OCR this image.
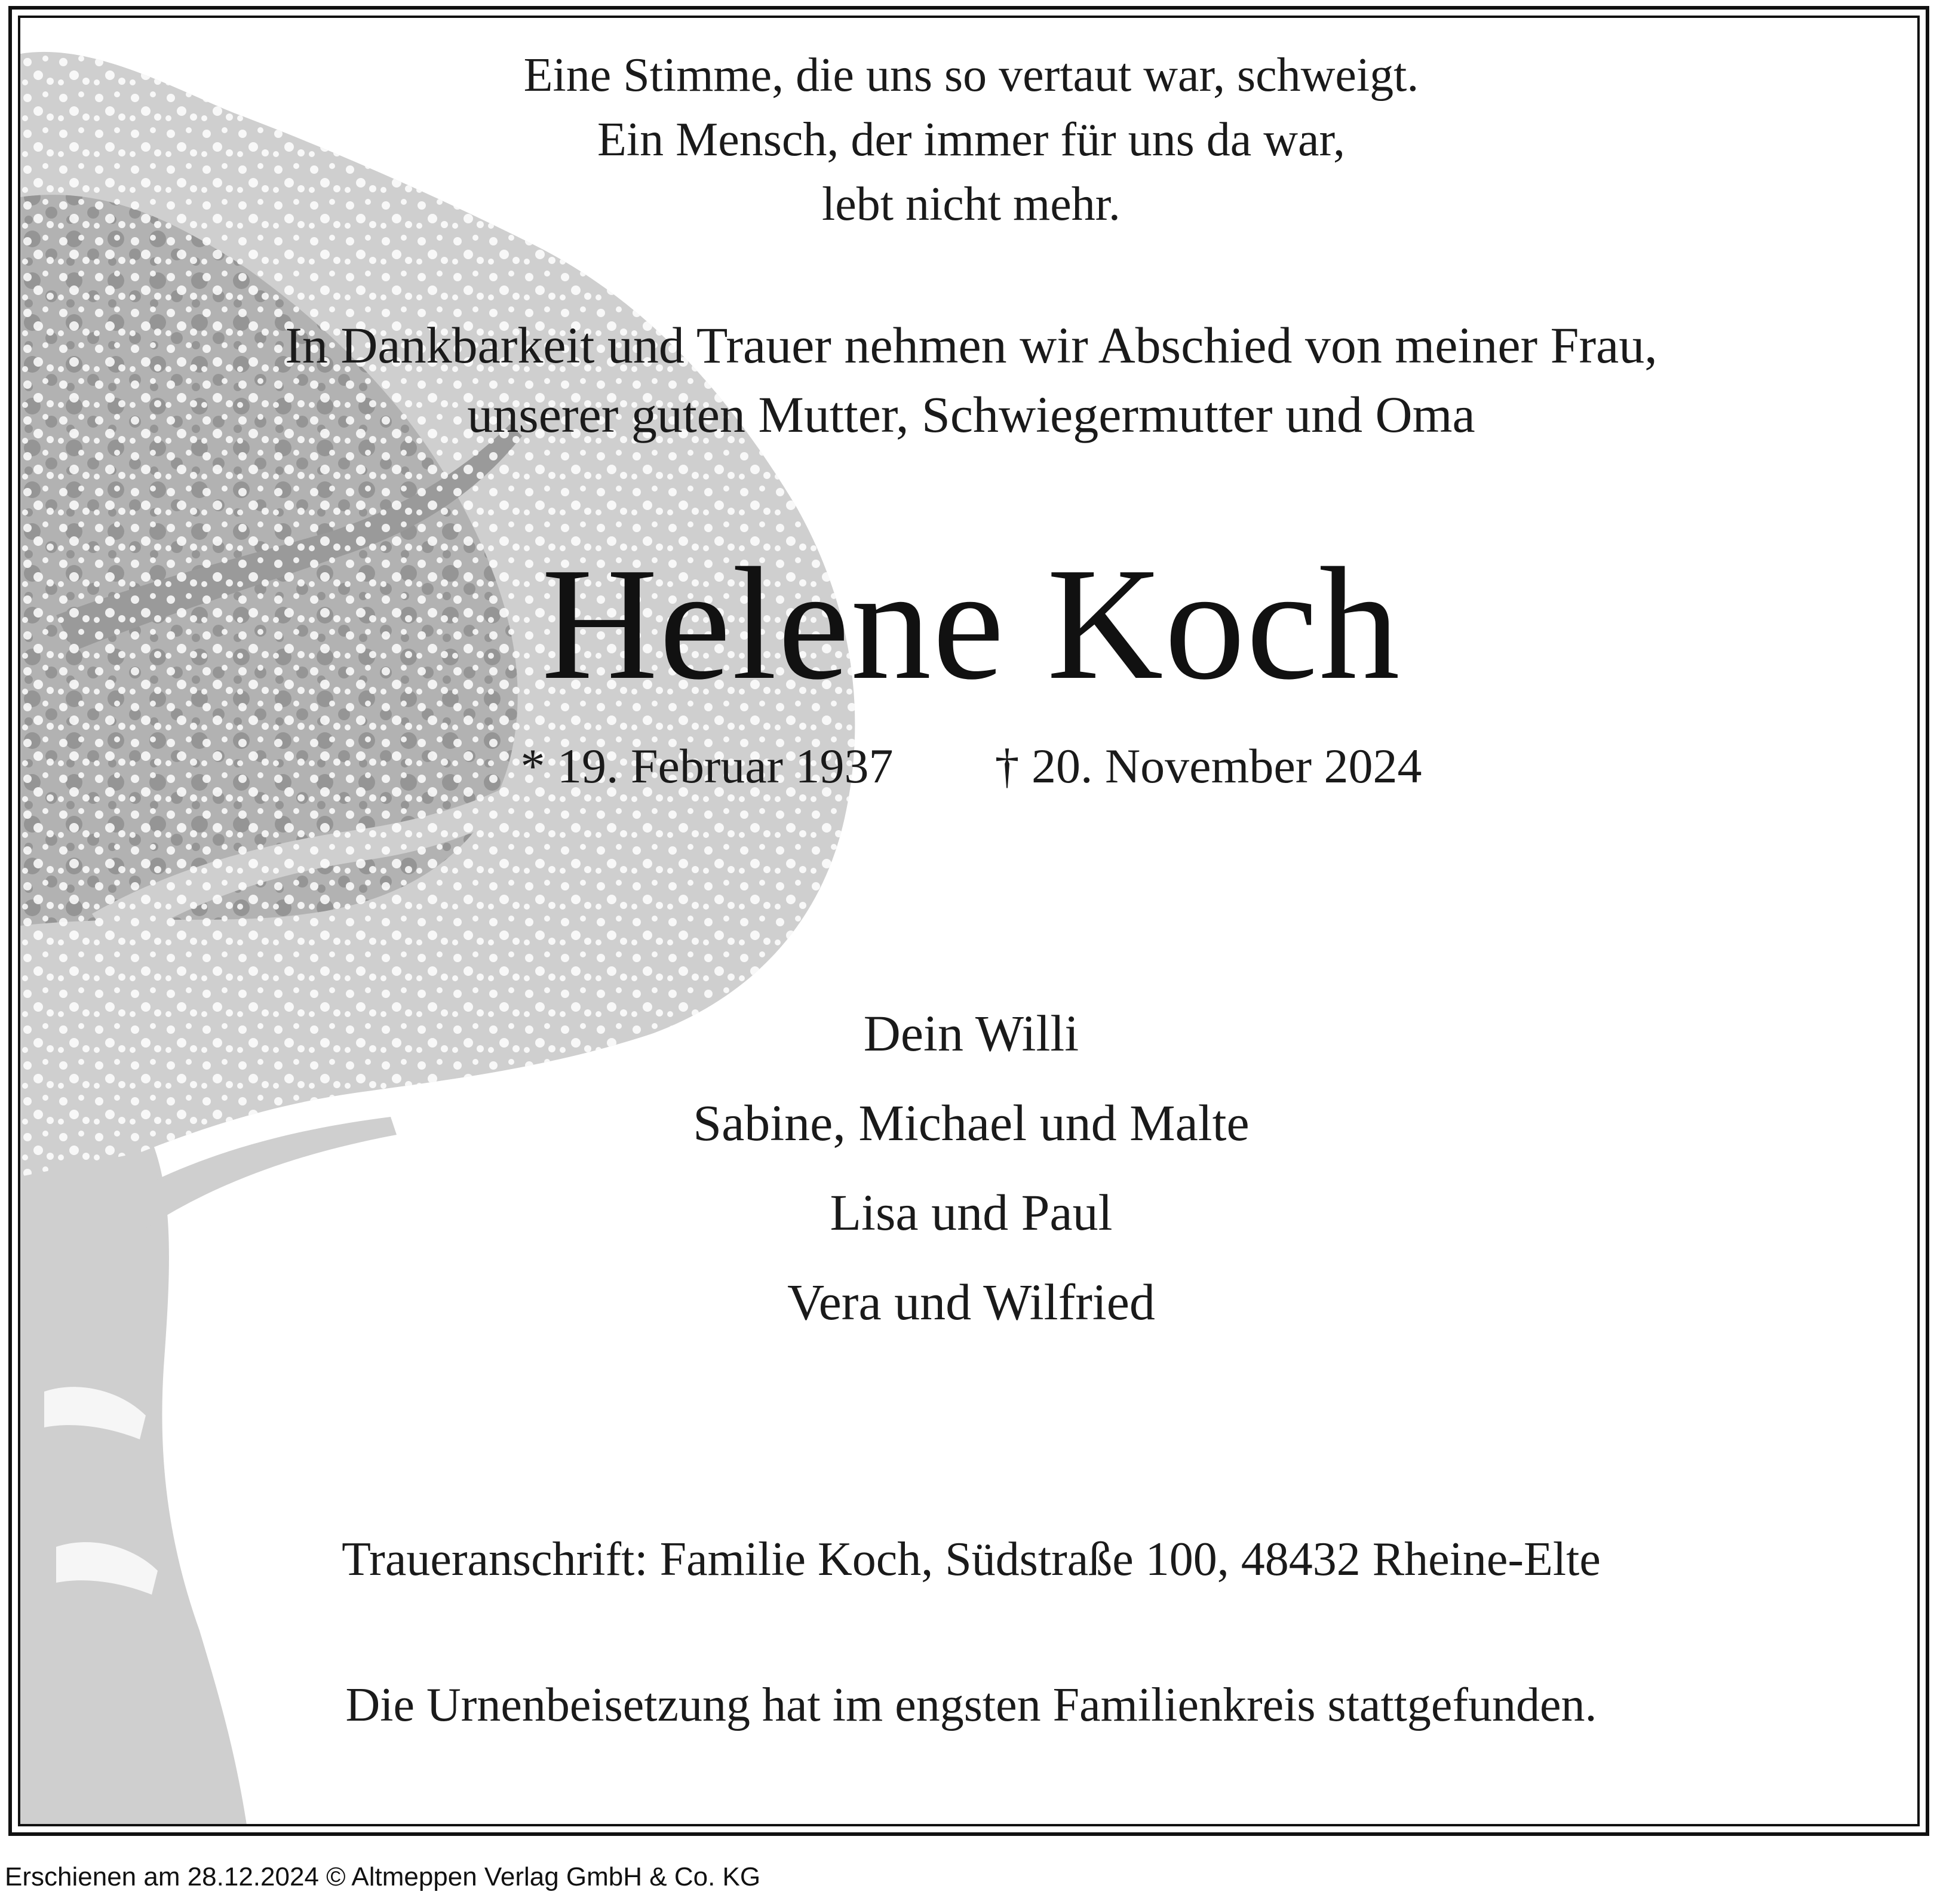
Eine Stimme, die uns so vertaut war, schweigt.
Ein Mensch, der immer für uns da war,
lebt nicht mehr.
In Dankbarkeit und Trauer nehmen wir Abschied von meiner Frau,
unserer guten Mutter, Schwiegermutter und Oma
Helene Koch
* 19. Februar 1937 † 20. November 2024
Dein Willi
Sabine, Michael und Malte
Lisa und Paul
Vera und Wilfried
Traueranschrift: Familie Koch, Südstraße 100, 48432 Rheine-Elte
Die Urnenbeisetzung hat im engsten Familienkreis stattgefunden.
Erschienen am 28.12.2024 © Altmeppen Verlag GmbH & Co. KG
